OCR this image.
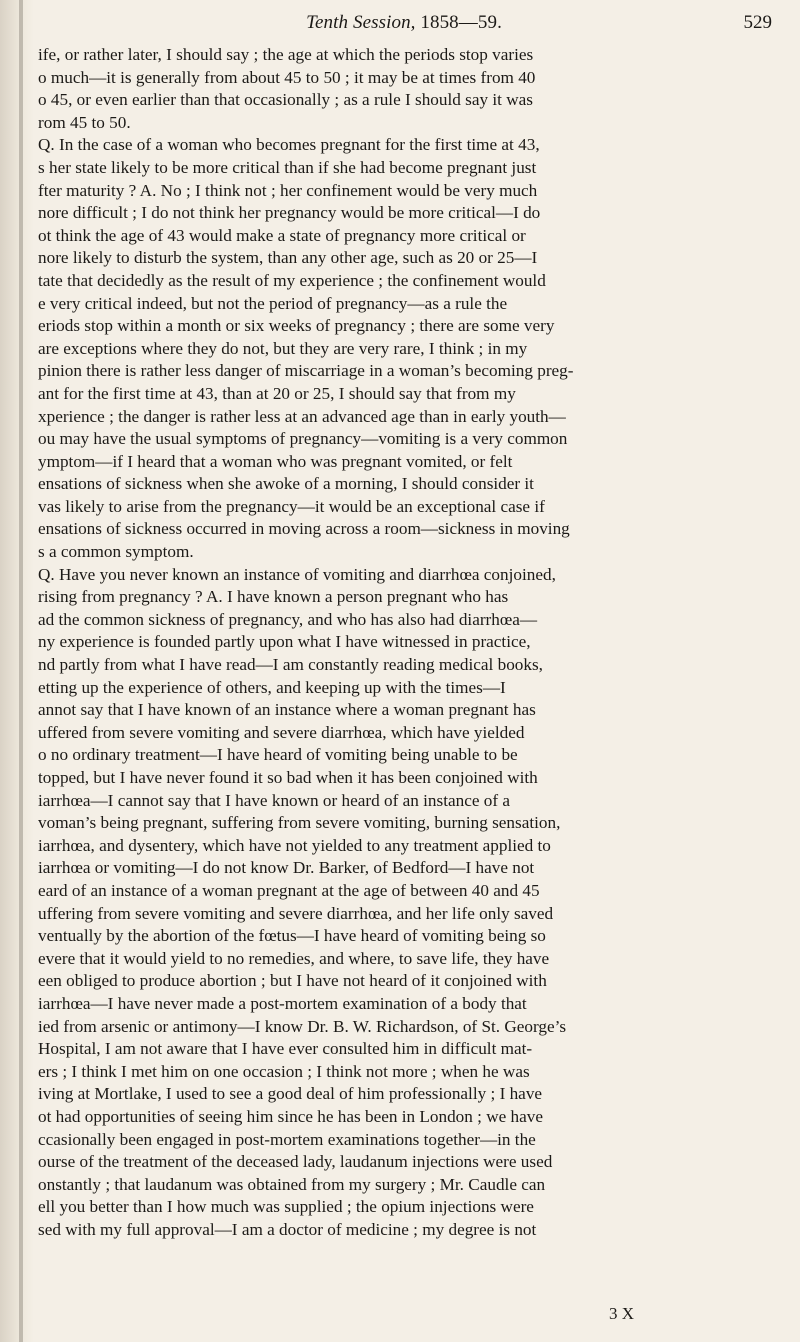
Tenth Session, 1858—59.	529
ife, or rather later, I should say ; the age at which the periods stop varies
o much—it is generally from about 45 to 50 ; it may be at times from 40
o 45, or even earlier than that occasionally ; as a rule I should say it was
rom 45 to 50.
Q. In the case of a woman who becomes pregnant for the first time at 43,
s her state likely to be more critical than if she had become pregnant just
fter maturity ? A. No ; I think not ; her confinement would be very much
nore difficult ; I do not think her pregnancy would be more critical—I do
ot think the age of 43 would make a state of pregnancy more critical or
nore likely to disturb the system, than any other age, such as 20 or 25—I
tate that decidedly as the result of my experience ; the confinement would
e very critical indeed, but not the period of pregnancy—as a rule the
eriods stop within a month or six weeks of pregnancy ; there are some very
are exceptions where they do not, but they are very rare, I think ; in my
pinion there is rather less danger of miscarriage in a woman’s becoming preg-
ant for the first time at 43, than at 20 or 25, I should say that from my
xperience ; the danger is rather less at an advanced age than in early youth—
ou may have the usual symptoms of pregnancy—vomiting is a very common
ymptom—if I heard that a woman who was pregnant vomited, or felt
ensations of sickness when she awoke of a morning, I should consider it
vas likely to arise from the pregnancy—it would be an exceptional case if
ensations of sickness occurred in moving across a room—sickness in moving
s a common symptom.
Q. Have you never known an instance of vomiting and diarrhœa conjoined,
rising from pregnancy ? A. I have known a person pregnant who has
ad the common sickness of pregnancy, and who has also had diarrhœa—
ny experience is founded partly upon what I have witnessed in practice,
nd partly from what I have read—I am constantly reading medical books,
etting up the experience of others, and keeping up with the times—I
annot say that I have known of an instance where a woman pregnant has
uffered from severe vomiting and severe diarrhœa, which have yielded
o no ordinary treatment—I have heard of vomiting being unable to be
topped, but I have never found it so bad when it has been conjoined with
iarrhœa—I cannot say that I have known or heard of an instance of a
voman’s being pregnant, suffering from severe vomiting, burning sensation,
iarrhœa, and dysentery, which have not yielded to any treatment applied to
iarrhœa or vomiting—I do not know Dr. Barker, of Bedford—I have not
eard of an instance of a woman pregnant at the age of between 40 and 45
uffering from severe vomiting and severe diarrhœa, and her life only saved
ventually by the abortion of the fœtus—I have heard of vomiting being so
evere that it would yield to no remedies, and where, to save life, they have
een obliged to produce abortion ; but I have not heard of it conjoined with
iarrhœa—I have never made a post-mortem examination of a body that
ied from arsenic or antimony—I know Dr. B. W. Richardson, of St. George’s
Hospital, I am not aware that I have ever consulted him in difficult mat-
ers ; I think I met him on one occasion ; I think not more ; when he was
iving at Mortlake, I used to see a good deal of him professionally ; I have
ot had opportunities of seeing him since he has been in London ; we have
ccasionally been engaged in post-mortem examinations together—in the
ourse of the treatment of the deceased lady, laudanum injections were used
onstantly ; that laudanum was obtained from my surgery ; Mr. Caudle can
ell you better than I how much was supplied ; the opium injections were
sed with my full approval—I am a doctor of medicine ; my degree is not
3 X
